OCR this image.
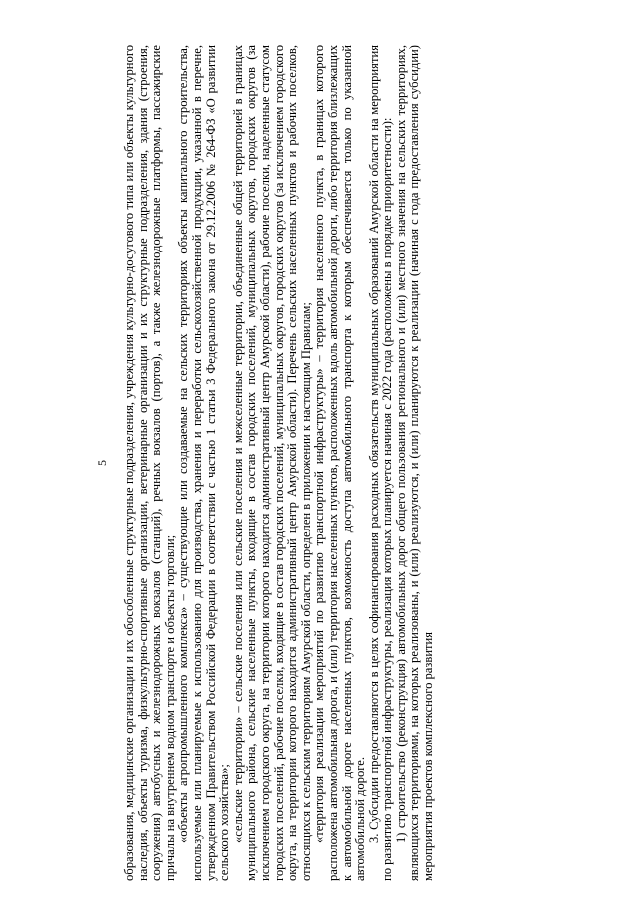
5 образования, медицинские организации и их обособленные структурные подразделения, учреждения культурно-досугового типа или объекты культурного наследия, объекты туризма, физкультурно-спортивные организации, ветеринарные организации и их структурные подразделения, здания (строения, сооружения) автобусных и железнодорожных вокзалов (станций), речных вокзалов (портов), а также железнодорожные платформы, пассажирские причалы на внутреннем водном транспорте и объекты торговли; «объекты агропромышленного комплекса» – существующие или создаваемые на сельских территориях объекты капитального строительства, используемые или планируемые к использованию для производства, хранения и переработки сельскохозяйственной продукции, указанной в перечне, утвержденном Правительством Российской Федерации в соответствии с частью 1 статьи 3 Федерального закона от 29.12.2006 № 264-ФЗ «О развитии сельского хозяйства»; «сельские территории» – сельские поселения или сельские поселения и межселенные территории, объединенные общей территорией в границах муниципального района, сельские населенные пункты, входящие в состав городских поселений, муниципальных округов, городских округов (за исключением городского округа, на территории которого находится административный центр Амурской области), рабочие поселки, наделенные статусом городских поселений, рабочие поселки, входящие в состав городских поселений, муниципальных округов, городских округов (за исключением городского округа, на территории которого находится административный центр Амурской области). Перечень сельских населенных пунктов и рабочих поселков, относящихся к сельским территориям Амурской области, определен в приложении к настоящим Правилам; «территория реализации мероприятий по развитию транспортной инфраструктуры» – территория населенного пункта, в границах которого расположена автомобильная дорога, и (или) территория населенных пунктов, расположенных вдоль автомобильной дороги, либо территория близлежащих к автомобильной дороге населенных пунктов, возможность доступа автомобильного транспорта к которым обеспечивается только по указанной автомобильной дороге. 3. Субсидии предоставляются в целях софинансирования расходных обязательств муниципальных образований Амурской области на мероприятия по развитию транспортной инфраструктуры, реализация которых планируется начиная с 2022 года (расположены в порядке приоритетности): 1) строительство (реконструкция) автомобильных дорог общего пользования регионального и (или) местного значения на сельских территориях, являющихся территориями, на которых реализованы, и (или) реализуются, и (или) планируются к реализации (начиная с года предоставления субсидии) мероприятия проектов комплексного развития
